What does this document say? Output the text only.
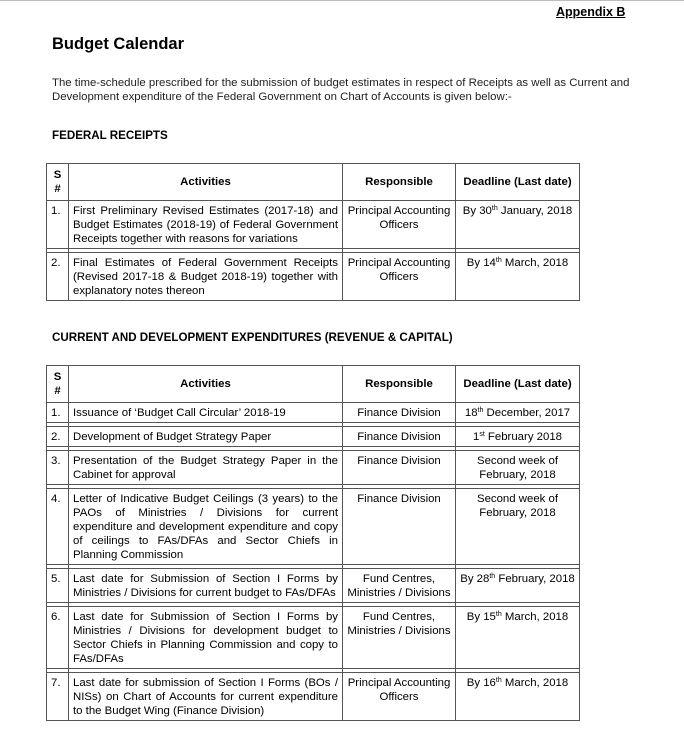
Appendix B
Budget Calendar
The time-schedule prescribed for the submission of budget estimates in respect of Receipts as well as Current and Development expenditure of the Federal Government on Chart of Accounts is given below:-
FEDERAL RECEIPTS
S #	Activities	Responsible	Deadline (Last date)
1.	First Preliminary Revised Estimates (2017-18) and Budget Estimates (2018-19) of Federal Government Receipts together with reasons for variations	Principal Accounting Officers	By 30th January, 2018

2.	Final Estimates of Federal Government Receipts (Revised 2017-18 & Budget 2018-19) together with explanatory notes thereon	Principal Accounting Officers	By 14th March, 2018
CURRENT AND DEVELOPMENT EXPENDITURES (REVENUE & CAPITAL)
S #	Activities	Responsible	Deadline (Last date)
1.	Issuance of ‘Budget Call Circular’ 2018-19	Finance Division	18th December, 2017

2.	Development of Budget Strategy Paper	Finance Division	1st February 2018

3.	Presentation of the Budget Strategy Paper in the Cabinet for approval	Finance Division	Second week of February, 2018

4.	Letter of Indicative Budget Ceilings (3 years) to the PAOs of Ministries / Divisions for current expenditure and development expenditure and copy of ceilings to FAs/DFAs and Sector Chiefs in Planning Commission	Finance Division	Second week of February, 2018

5.	Last date for Submission of Section I Forms by Ministries / Divisions for current budget to FAs/DFAs	Fund Centres, Ministries / Divisions	By 28th February, 2018

6.	Last date for Submission of Section I Forms by Ministries / Divisions for development budget to Sector Chiefs in Planning Commission and copy to FAs/DFAs	Fund Centres, Ministries / Divisions	By 15th March, 2018

7.	Last date for submission of Section I Forms (BOs / NISs) on Chart of Accounts for current expenditure to the Budget Wing (Finance Division)	Principal Accounting Officers	By 16th March, 2018
